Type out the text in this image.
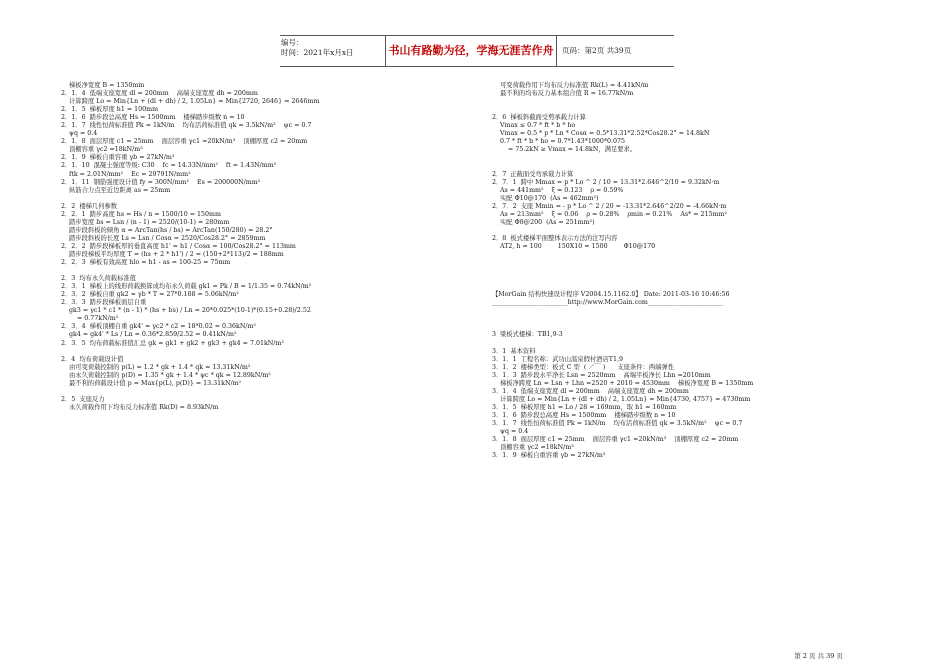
编号：
时间：2021年x月x日	书山有路勤为径，学海无涯苦作舟	页码：第2页 共39页
梯板净宽度 B = 1350mm
2．1．4  低端支座宽度 dl = 200mm    高端支座宽度 dh = 200mm
计算跨度 Lo = Min{Ln + (dl + dh) / 2, 1.05Ln} = Min{2720, 2646} = 2646mm
2．1．5  梯板厚度 h1 = 100mm
2．1．6  踏步段总高度 Hs = 1500mm    楼梯踏步级数 n = 10
2．1．7  线性恒荷标准值 Pk = 1kN/m    均布活荷标准值 qk = 3.5kN/m²    ψc = 0.7
ψq = 0.4
2．1．8  面层厚度 c1 = 25mm    面层容重 γc1 =20kN/m³    顶棚厚度 c2 = 20mm
顶棚容重 γc2 =18kN/m³
2．1．9  梯板自重容重 γb = 27kN/m³
2．1．10  混凝土强度等级: C30    fc = 14.33N/mm²    ft = 1.43N/mm²
ftk = 2.01N/mm²    Ec = 29791N/mm²
2．1．11  钢筋强度设计值 fy = 300N/mm²    Es = 200000N/mm²
纵筋合力点至近边距离 as = 25mm
2．2  楼梯几何参数
2．2．1  踏步高度 hs = Hs / n = 1500/10 = 150mm
踏步宽度 bs = Lsn / (n - 1) = 2520/(10-1) = 280mm
踏步段斜板的倾角 α = ArcTan(hs / bs) = ArcTan(150/280) = 28.2°
踏步段斜板的长度 Ls = Lsn / Cosα = 2520/Cos28.2° = 2859mm
2．2．2  踏步段梯板厚的垂直高度 h1' = h1 / Cosα = 100/Cos28.2° = 113mm
踏步段梯板平均厚度 T = (hs + 2 * h1') / 2 = (150+2*113)/2 = 188mm
2．2．3  梯板有效高度 hlo = h1 - as = 100-25 = 75mm
2．3  均布永久荷载标准值
2．3．1  梯板上的线形荷载换算成均布永久荷载 gk1 = Pk / B = 1/1.35 = 0.74kN/m²
2．3．2  梯板自重 gk2 = γb * T = 27*0.188 = 5.06kN/m²
2．3．3  踏步段梯板面层自重
gk3 = γc1 * c1 * (n - 1) * (hs + bs) / Ln = 20*0.025*(10-1)*(0.15+0.28)/2.52
= 0.77kN/m²
2．3．4  梯板顶棚自重 gk4' = γc2 * c2 = 18*0.02 = 0.36kN/m²
gk4 = gk4' * Ls / Ln = 0.36*2.859/2.52 = 0.41kN/m²
2．3．5  均布荷载标准值汇总 gk = gk1 + gk2 + gk3 + gk4 = 7.01kN/m²
2．4  均布荷载设计值
由可变荷载控制的 p(L) = 1.2 * gk + 1.4 * qk = 13.31kN/m²
由永久荷载控制的 p(D) = 1.35 * gk + 1.4 * ψc * qk = 12.89kN/m²
最不利的荷载设计值 p = Max{p(L), p(D)} = 13.31kN/m²
2．5  支座反力
永久荷载作用下均布反力标准值 Rk(D) = 8.93kN/m
可变荷载作用下均布反力标准值 Rk(L) = 4.41kN/m
最不利的均布反力基本组合值 R = 16.77kN/m
2．6  梯板斜截面受剪承载力计算
Vmax ≤ 0.7 * ft * b * ho
Vmax = 0.5 * p * Ln * Cosα = 0.5*13.31*2.52*Cos28.2° = 14.8kN
0.7 * ft * b * ho = 0.7*1.43*1000*0.075
= 75.2kN ≥ Vmax = 14.8kN，满足要求。
2．7  正截面受弯承载力计算
2．7．1  跨中 Mmax = p * Lo ^ 2 / 10 = 13.31*2.646^2/10 = 9.32kN·m
As = 441mm²    ξ = 0.123    ρ = 0.59%
实配 Φ10@170  (As = 462mm²)
2．7．2  支座 Mmin = - p * Lo ^ 2 / 20 = -13.31*2.646^2/20 = -4.66kN·m
As = 213mm²    ξ = 0.06    ρ = 0.28%    ρmin = 0.21%    As* = 215mm²
实配 Φ8@200  (As = 251mm²)
2．8  板式楼梯平面整体表示方法的注写内容
AT2, h = 100        150X10 = 1500        Φ10@170
【MorGain 结构快速设计程序 V2004.15.1162.0】 Date: 2011-03-16 10:46:56
________________________http://www.MorGain.com________________________
3  梁板式楼梯：TB1,9-3
3．1  基本资料
3．1．1  工程名称：武功山温泉假村酒店T1,9
3．1．2  楼梯类型：板式 C 型  ( ／￣ )      支座条件：两端弹性
3．1．3  踏步段水平净长 Lsn = 2520mm    高端平板净长 Lhn =2010mm
梯板净跨度 Ln = Lsn + Lhn =2520 + 2010 = 4530mm    梯板净宽度 B = 1350mm
3．1．4  低端支座宽度 dl = 200mm    高端支座宽度 dh = 200mm
计算跨度 Lo = Min{Ln + (dl + dh) / 2, 1.05Ln} = Min{4730, 4757} = 4730mm
3．1．5  梯板厚度 h1 = Lo / 28 = 169mm，取 h1 = 160mm
3．1．6  踏步段总高度 Hs = 1500mm    楼梯踏步级数 n = 10
3．1．7  线性恒荷标准值 Pk = 1kN/m    均布活荷标准值 qk = 3.5kN/m²    ψc = 0.7
ψq = 0.4
3．1．8  面层厚度 c1 = 25mm    面层容重 γc1 =20kN/m³    顶棚厚度 c2 = 20mm
顶棚容重 γc2 =18kN/m³
3．1．9  梯板自重容重 γb = 27kN/m³
第 2 页 共 39 页
